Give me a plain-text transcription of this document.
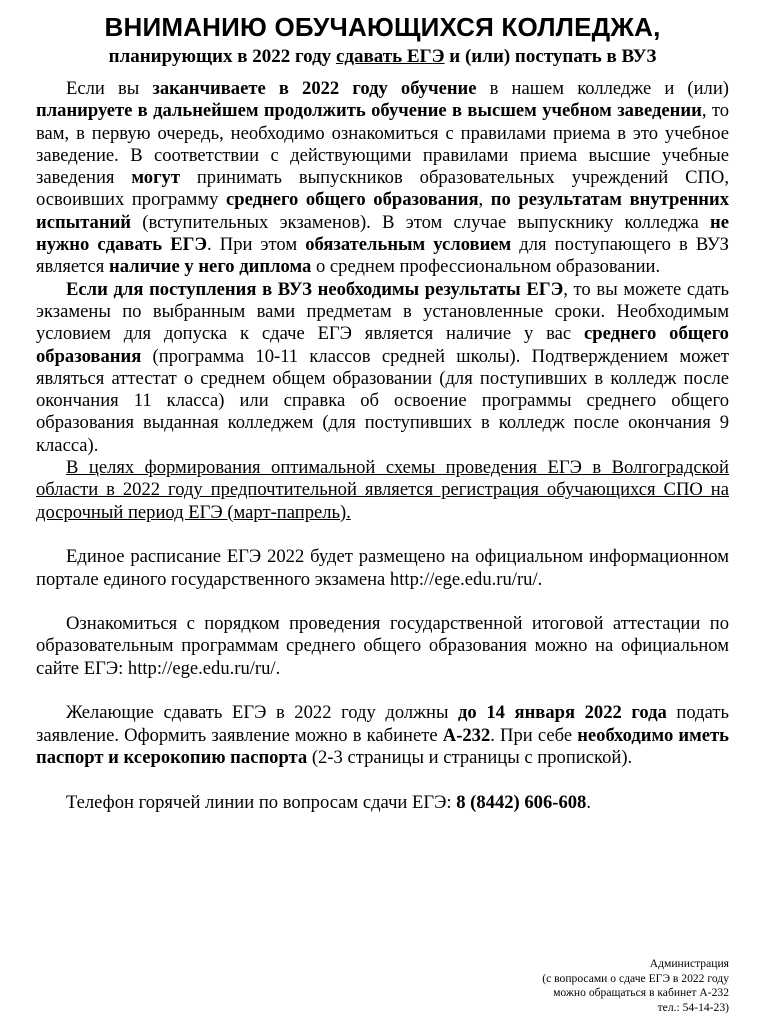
ВНИМАНИЮ ОБУЧАЮЩИХСЯ КОЛЛЕДЖА,
планирующих в 2022 году сдавать ЕГЭ и (или) поступать в ВУЗ

Если вы заканчиваете в 2022 году обучение в нашем колледже и (или) планируете в дальнейшем продолжить обучение в высшем учебном заведении, то вам, в первую очередь, необходимо ознакомиться с правилами приема в это учебное заведение. В соответствии с действующими правилами приема высшие учебные заведения могут принимать выпускников образовательных учреждений СПО, освоивших программу среднего общего образования, по результатам внутренних испытаний (вступительных экзаменов). В этом случае выпускнику колледжа не нужно сдавать ЕГЭ. При этом обязательным условием для поступающего в ВУЗ является наличие у него диплома о среднем профессиональном образовании.

Если для поступления в ВУЗ необходимы результаты ЕГЭ, то вы можете сдать экзамены по выбранным вами предметам в установленные сроки. Необходимым условием для допуска к сдаче ЕГЭ является наличие у вас среднего общего образования (программа 10-11 классов средней школы). Подтверждением может являться аттестат о среднем общем образовании (для поступивших в колледж после окончания 11 класса) или справка об освоение программы среднего общего образования выданная колледжем (для поступивших в колледж после окончания 9 класса).

В целях формирования оптимальной схемы проведения ЕГЭ в Волгоградской области в 2022 году предпочтительной является регистрация обучающихся СПО на досрочный период ЕГЭ (март-папрель).

Единое расписание ЕГЭ 2022 будет размещено на официальном информационном портале единого государственного экзамена http://ege.edu.ru/ru/.

Ознакомиться с порядком проведения государственной итоговой аттестации по образовательным программам среднего общего образования можно на официальном сайте ЕГЭ: http://ege.edu.ru/ru/.

Желающие сдавать ЕГЭ в 2022 году должны до 14 января 2022 года подать заявление. Оформить заявление можно в кабинете А-232. При себе необходимо иметь паспорт и ксерокопию паспорта (2-3 страницы и страницы с пропиской).

Телефон горячей линии по вопросам сдачи ЕГЭ: 8 (8442) 606-608.

Администрация
(с вопросами о сдаче ЕГЭ в 2022 году
можно обращаться в кабинет А-232
тел.: 54-14-23)
